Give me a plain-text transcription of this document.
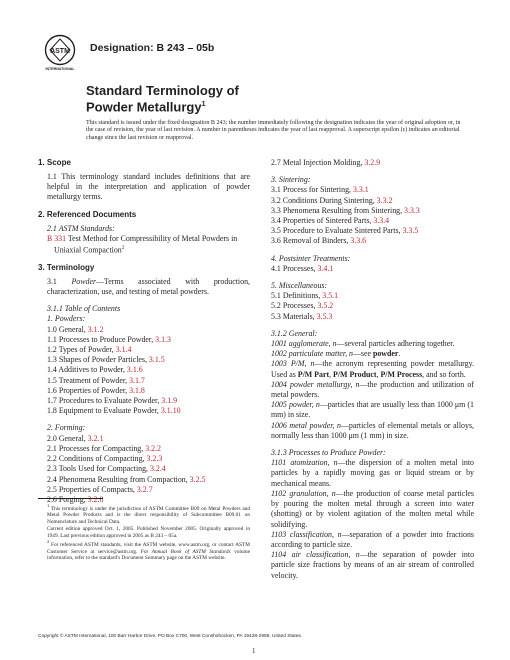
ASTM
INTERNATIONAL
Designation: B 243 – 05b
Standard Terminology of
Powder Metallurgy$^1$
This standard is issued under the fixed designation B 243; the number immediately following the designation indicates the year of original adoption or, in the case of revision, the year of last revision. A number in parentheses indicates the year of last reapproval. A superscript epsilon (ε) indicates an editorial change since the last revision or reapproval.
1. Scope

1.1 This terminology standard includes definitions that are helpful in the interpretation and application of powder metallurgy terms.

2. Referenced Documents

2.1 ASTM Standards:

B 331 Test Method for Compressibility of Metal Powders in Uniaxial Compaction$^2$

3. Terminology

3.1 Powder—Terms associated with production, characterization, use, and testing of metal powders.

3.1.1 Table of Contents

1. Powders:

1.0 General, 3.1.2

1.1 Processes to Produce Powder, 3.1.3

1.2 Types of Powder, 3.1.4

1.3 Shapes of Powder Particles, 3.1.5

1.4 Additives to Powder, 3.1.6

1.5 Treatment of Powder, 3.1.7

1.6 Properties of Powder, 3.1.8

1.7 Procedures to Evaluate Powder, 3.1.9

1.8 Equipment to Evaluate Powder, 3.1.10

2. Forming:

2.0 General, 3.2.1

2.1 Processes for Compacting, 3.2.2

2.2 Conditions of Compacting, 3.2.3

2.3 Tools Used for Compacting, 3.2.4

2.4 Phenomena Resulting from Compaction, 3.2.5

2.5 Properties of Compacts, 3.2.7

2.6 Forging, 3.2.8

2.7 Metal Injection Molding, 3.2.9

3. Sintering:

3.1 Process for Sintering, 3.3.1

3.2 Conditions During Sintering, 3.3.2

3.3 Phenomena Resulting from Sintering, 3.3.3

3.4 Properties of Sintered Parts, 3.3.4

3.5 Procedure to Evaluate Sintered Parts, 3.3.5

3.6 Removal of Binders, 3.3.6

4. Postsinter Treatments:

4.1 Processes, 3.4.1

5. Miscellaneous:

5.1 Definitions, 3.5.1

5.2 Processes, 3.5.2

5.3 Materials, 3.5.3

3.1.2 General:

1001 agglomerate, n—several particles adhering together.

1002 particulate matter, n—see powder.

1003 P/M, n—the acronym representing powder metallurgy. Used as P/M Part, P/M Product, P/M Process, and so forth.

1004 powder metallurgy, n—the production and utilization of metal powders.

1005 powder, n—particles that are usually less than 1000 μm (1 mm) in size.

1006 metal powder, n—particles of elemental metals or alloys, normally less than 1000 μm (1 mm) in size.

3.1.3 Processes to Produce Powder:

1101 atomization, n—the dispersion of a molten metal into particles by a rapidly moving gas or liquid stream or by mechanical means.

1102 granulation, n—the production of coarse metal particles by pouring the molten metal through a screen into water (shotting) or by violent agitation of the molten metal while solidifying.

1103 classification, n—separation of a powder into fractions according to particle size.

1104 air classification, n—the separation of powder into particle size fractions by means of an air stream of controlled velocity.

$^1$ This terminology is under the jurisdiction of ASTM Committee B09 on Metal Powders and Metal Powder Products and is the direct responsibility of Subcommittee B09.01 on Nomenclature and Technical Data.

Current edition approved Oct. 1, 2005. Published November 2005. Originally approved in 1949. Last previous edition approved in 2005 as B 243 – 05a.

$^2$ For referenced ASTM standards, visit the ASTM website, www.astm.org, or contact ASTM Customer Service at service@astm.org. For Annual Book of ASTM Standards volume information, refer to the standard's Document Summary page on the ASTM website.

Copyright © ASTM International, 100 Barr Harbor Drive, PO Box C700, West Conshohocken, PA 19428-2959, United States.
1
